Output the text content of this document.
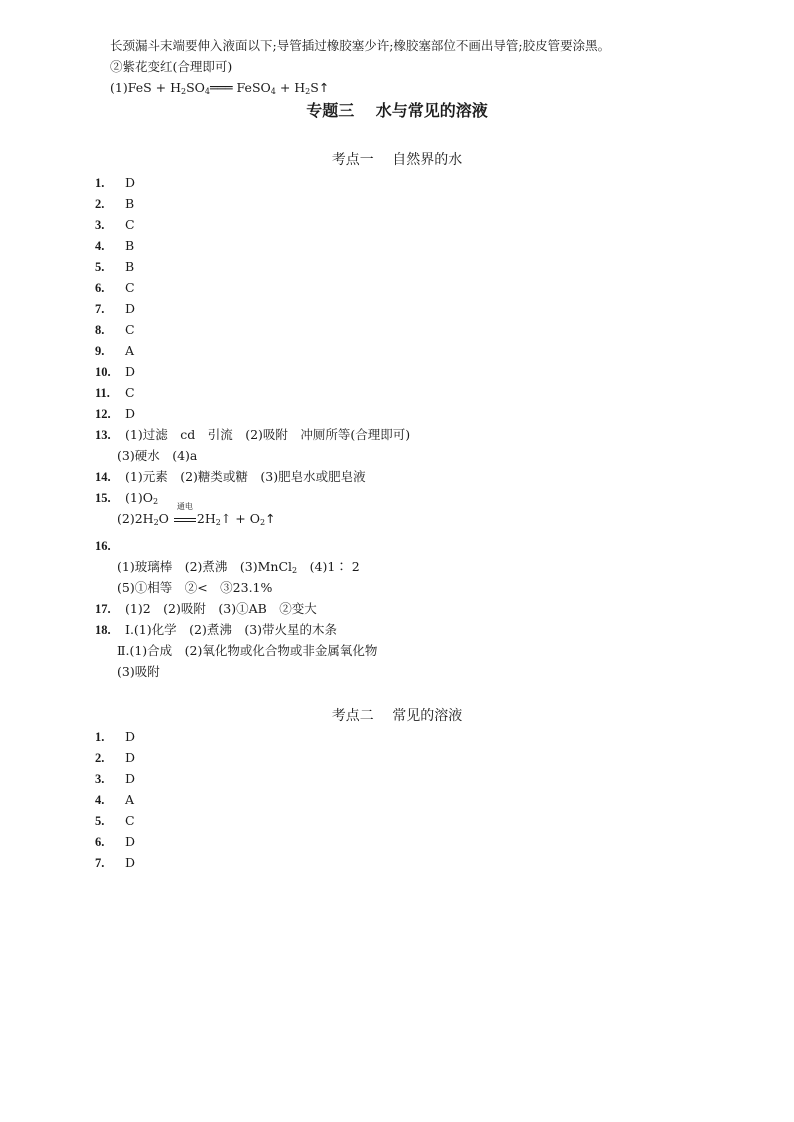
长颈漏斗末端要伸入液面以下;导管插过橡胶塞少许;橡胶塞部位不画出导管;胶皮管要涂黑。
②紫花变红(合理即可)
$(1)FeS + H_2SO_4═══$ FeSO$_4$ + $H_2S↑$
专题三　 水与常见的溶液
考点一　 自然界的水
1. D
2. B
3. C
4. B
5. B
6. C
7. D
8. C
9. A
10. D
11. C
12. D
13. (1)过滤　cd　引流　(2)吸附　冲厕所等(合理即可)
14. (1)元素　(2)糖类或糖　(3)肥皂水或肥皂液
15. $(1)O_2$
16.
17. (1)2　(2)吸附　(3)①AB　②变大
18. Ⅰ.(1)化学　(2)煮沸　(3)带火星的木条
(3)硬水　(4)a
$(2)2H_2O$
通电
$2H_2↑$ + $O_2↑$
(1)玻璃棒　(2)煮沸　(3)MnCl$_2$　(4)1∶ 2
(5)①相等　②<　③23.1%
Ⅱ.(1)合成　(2)氧化物或化合物或非金属氧化物
(3)吸附
考点二　 常见的溶液
1. D
2. D
3. D
4. A
5. C
6. D
7. D
